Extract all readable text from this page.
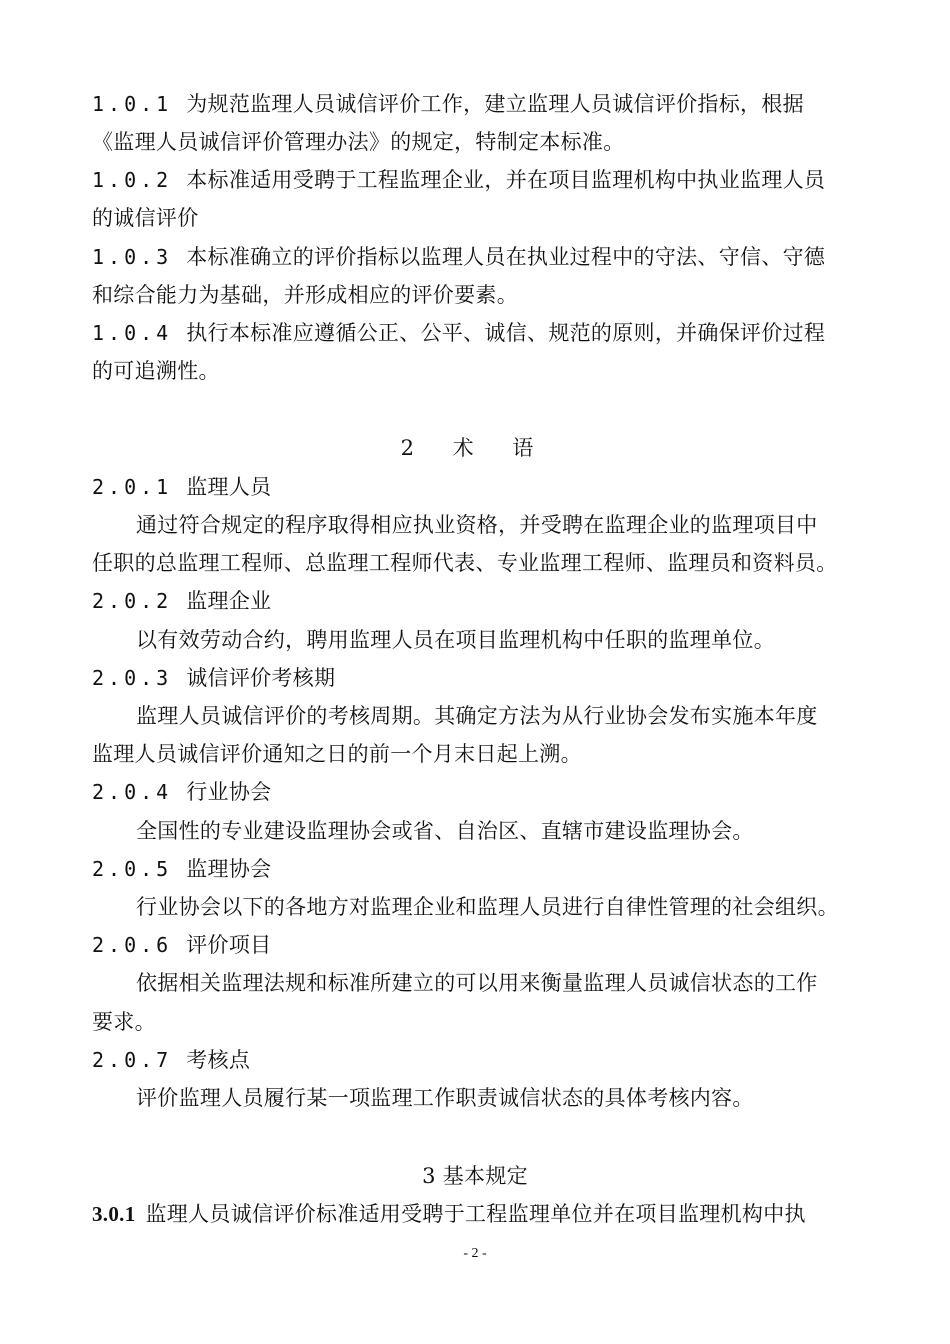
1.0.1 为规范监理人员诚信评价工作，建立监理人员诚信评价指标，根据
《监理人员诚信评价管理办法》的规定，特制定本标准。
1.0.2 本标准适用受聘于工程监理企业，并在项目监理机构中执业监理人员
的诚信评价
1.0.3 本标准确立的评价指标以监理人员在执业过程中的守法、守信、守德
和综合能力为基础，并形成相应的评价要素。
1.0.4 执行本标准应遵循公正、公平、诚信、规范的原则，并确保评价过程
的可追溯性。
2 术 语
2.0.1 监理人员
通过符合规定的程序取得相应执业资格，并受聘在监理企业的监理项目中
任职的总监理工程师、总监理工程师代表、专业监理工程师、监理员和资料员。
2.0.2 监理企业
以有效劳动合约，聘用监理人员在项目监理机构中任职的监理单位。
2.0.3 诚信评价考核期
监理人员诚信评价的考核周期。其确定方法为从行业协会发布实施本年度
监理人员诚信评价通知之日的前一个月末日起上溯。
2.0.4 行业协会
全国性的专业建设监理协会或省、自治区、直辖市建设监理协会。
2.0.5 监理协会
行业协会以下的各地方对监理企业和监理人员进行自律性管理的社会组织。
2.0.6 评价项目
依据相关监理法规和标准所建立的可以用来衡量监理人员诚信状态的工作
要求。
2.0.7 考核点
评价监理人员履行某一项监理工作职责诚信状态的具体考核内容。
3 基本规定
3.0.1 监理人员诚信评价标准适用受聘于工程监理单位并在项目监理机构中执
- 2 -
